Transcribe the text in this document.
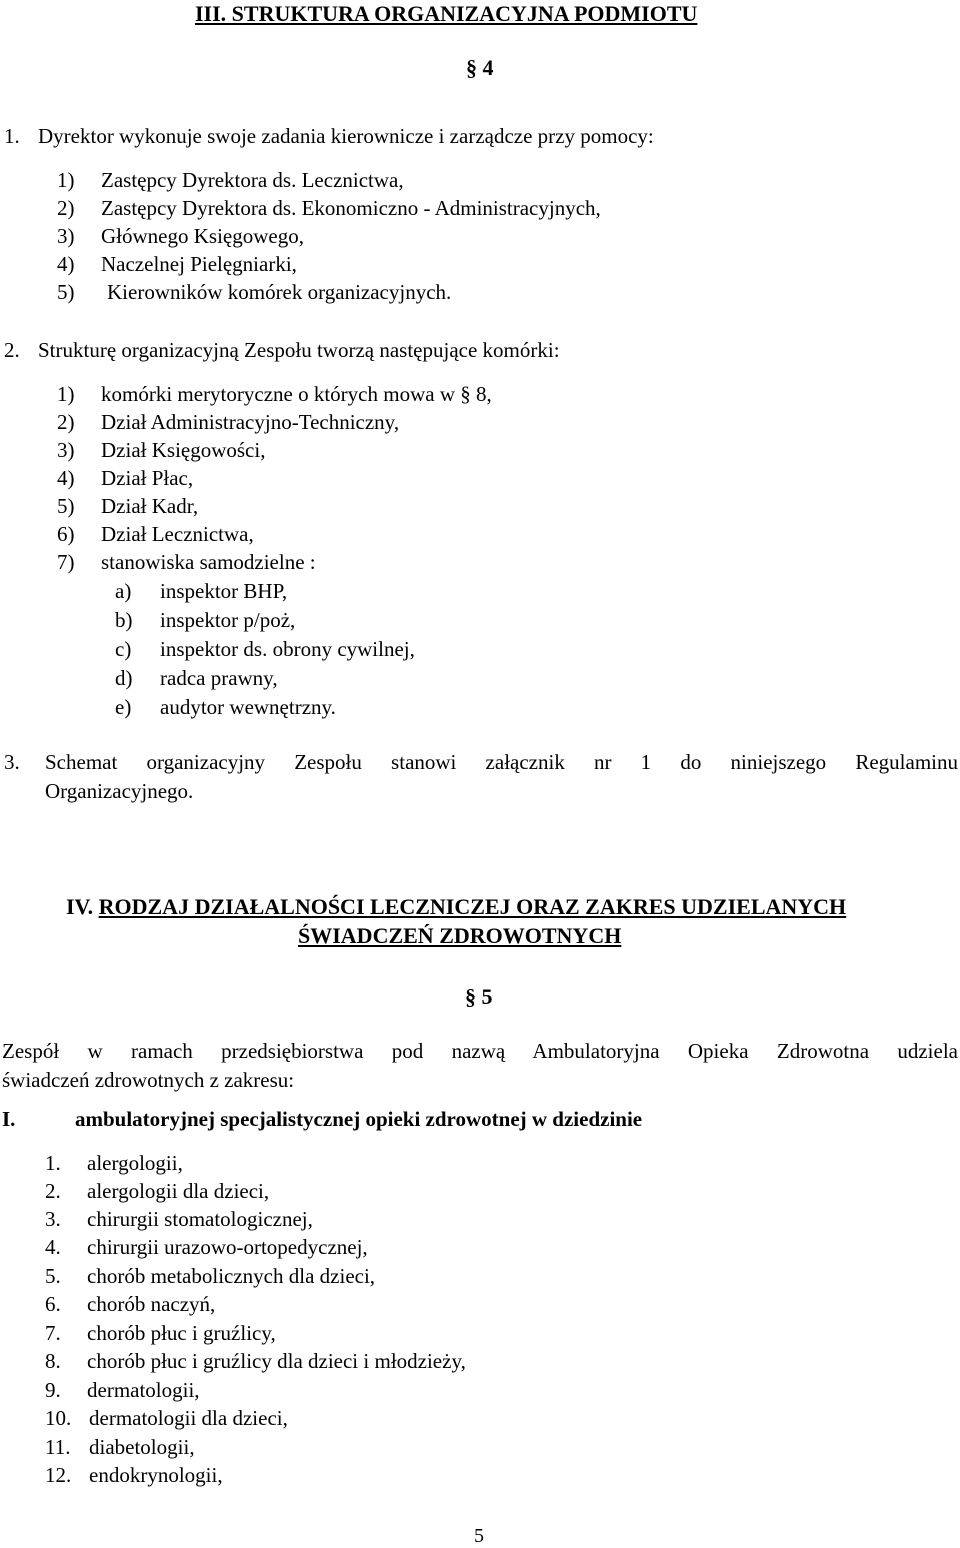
III. STRUKTURA ORGANIZACYJNA PODMIOTU
§ 4
1. Dyrektor wykonuje swoje zadania kierownicze i zarządcze przy pomocy:
1) Zastępcy Dyrektora ds. Lecznictwa,
2) Zastępcy Dyrektora ds. Ekonomiczno - Administracyjnych,
3) Głównego Księgowego,
4) Naczelnej Pielęgniarki,
5) Kierowników komórek organizacyjnych.
2. Strukturę organizacyjną Zespołu tworzą następujące komórki:
1) komórki merytoryczne o których mowa w § 8,
2) Dział Administracyjno-Techniczny,
3) Dział Księgowości,
4) Dział Płac,
5) Dział Kadr,
6) Dział Lecznictwa,
7) stanowiska samodzielne :
a) inspektor BHP,
b) inspektor p/poż,
c) inspektor ds. obrony cywilnej,
d) radca prawny,
e) audytor wewnętrzny.
3. Schemat organizacyjny Zespołu stanowi załącznik nr 1 do niniejszego Regulaminu
Organizacyjnego.
IV. RODZAJ DZIAŁALNOŚCI LECZNICZEJ ORAZ ZAKRES UDZIELANYCH
ŚWIADCZEŃ ZDROWOTNYCH
§ 5
Zespół w ramach przedsiębiorstwa pod nazwą Ambulatoryjna Opieka Zdrowotna udziela
świadczeń zdrowotnych z zakresu:
I.	ambulatoryjnej specjalistycznej opieki zdrowotnej w dziedzinie
1. alergologii,
2. alergologii dla dzieci,
3. chirurgii stomatologicznej,
4. chirurgii urazowo-ortopedycznej,
5. chorób metabolicznych dla dzieci,
6. chorób naczyń,
7. chorób płuc i gruźlicy,
8. chorób płuc i gruźlicy dla dzieci i młodzieży,
9. dermatologii,
10. dermatologii dla dzieci,
11. diabetologii,
12. endokrynologii,
5
